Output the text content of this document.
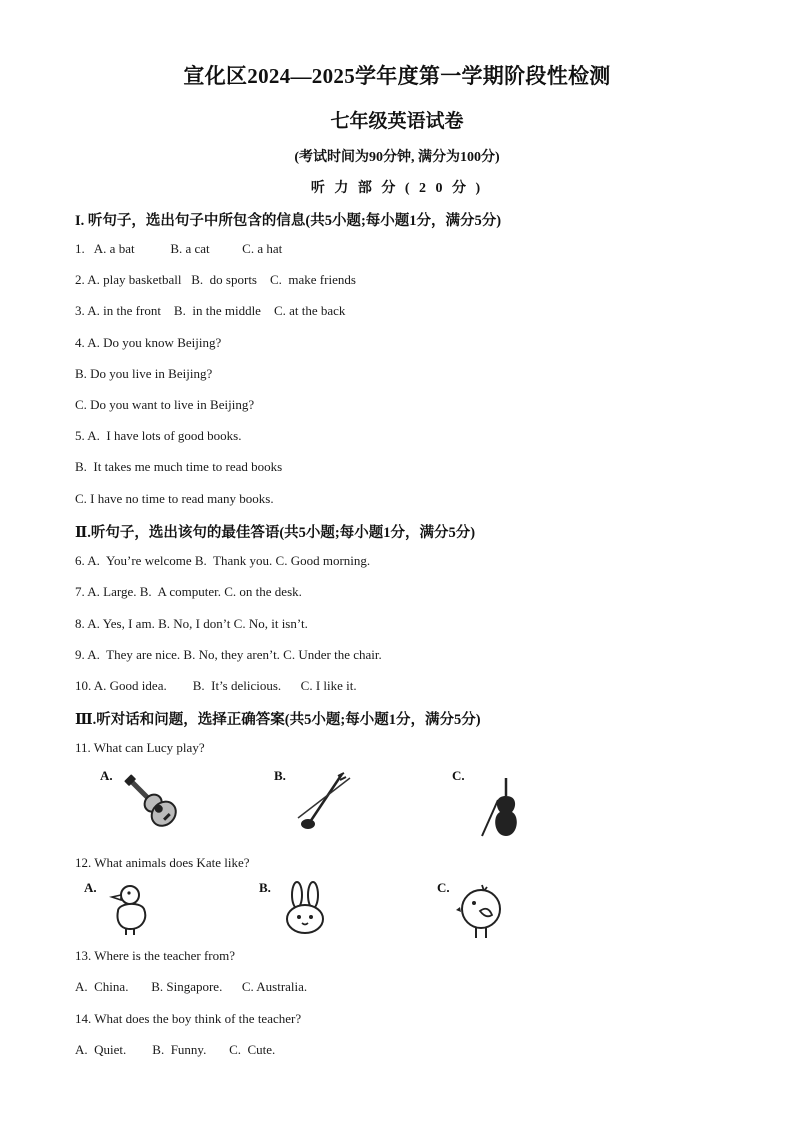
宣化区2024—2025学年度第一学期阶段性检测
七年级英语试卷
(考试时间为90分钟, 满分为100分)
听 力 部 分 ( 2 0 分 )
I. 听句子，选出句子中所包含的信息(共5小题;每小题1分，满分5分)
1.   A. a bat           B. a cat          C. a hat
2. A. play basketball   B.  do sports    C.  make friends
3. A. in the front    B.  in the middle    C. at the back
4. A. Do you know Beijing?
B. Do you live in Beijing?
C. Do you want to live in Beijing?
5. A.  I have lots of good books.
B.  It takes me much time to read books
C. I have no time to read many books.
Ⅱ.听句子，选出该句的最佳答语(共5小题;每小题1分，满分5分)
6. A.  You’re welcome B.  Thank you. C. Good morning.
7. A. Large. B.  A computer. C. on the desk.
8. A. Yes, I am. B. No, I don’t C. No, it isn’t.
9. A.  They are nice. B. No, they aren’t. C. Under the chair.
10. A. Good idea.        B.  It’s delicious.      C. I like it.
Ⅲ.听对话和问题，选择正确答案(共5小题;每小题1分，满分5分)
11. What can Lucy play?
A.	B.	C.
12. What animals does Kate like?
A.	B.	C.
13. Where is the teacher from?
A.  China.       B. Singapore.      C. Australia.
14. What does the boy think of the teacher?
A.  Quiet.        B.  Funny.       C.  Cute.
